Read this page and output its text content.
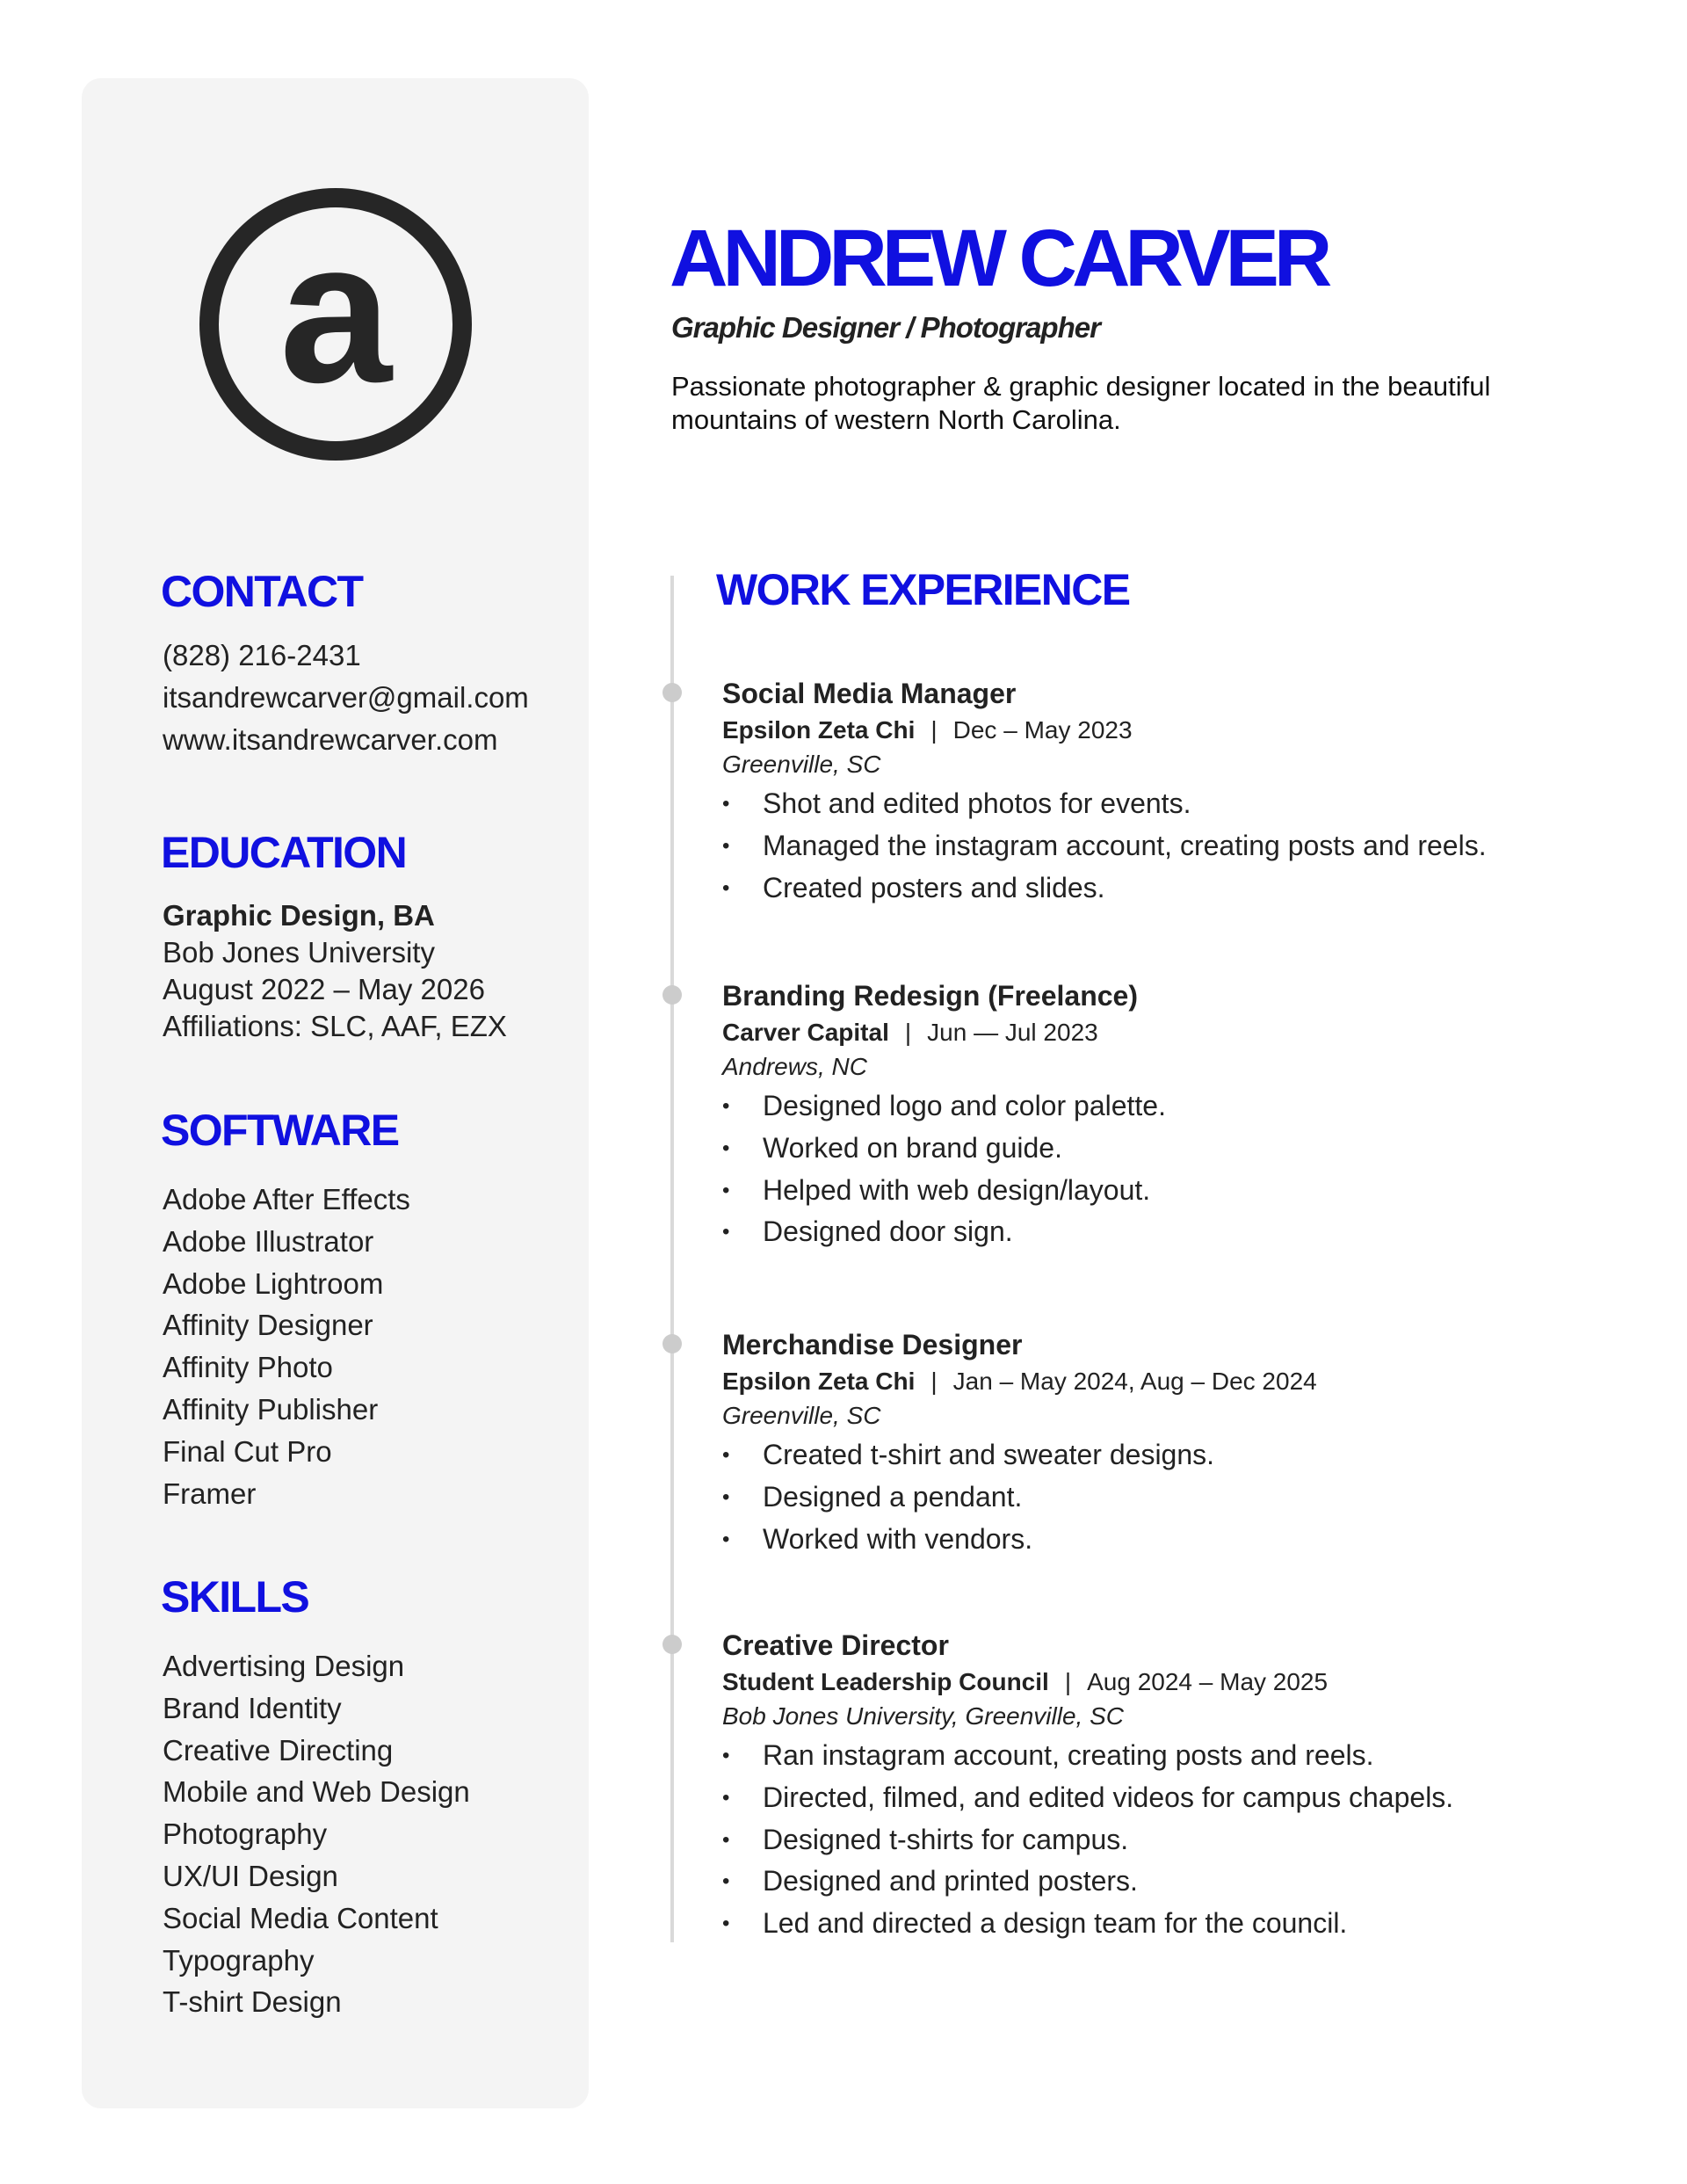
a
CONTACT
(828) 216-2431
itsandrewcarver@gmail.com
www.itsandrewcarver.com
EDUCATION
Graphic Design, BA
Bob Jones University
August 2022 – May 2026
Affiliations: SLC, AAF, EZX
SOFTWARE
Adobe After Effects
Adobe Illustrator
Adobe Lightroom
Affinity Designer
Affinity Photo
Affinity Publisher
Final Cut Pro
Framer
SKILLS
Advertising Design
Brand Identity
Creative Directing
Mobile and Web Design
Photography
UX/UI Design
Social Media Content
Typography
T-shirt Design
ANDREW CARVER
Graphic Designer / Photographer
Passionate photographer & graphic designer located in the beautiful mountains of western North Carolina.
WORK EXPERIENCE
Social Media Manager
Epsilon Zeta Chi | Dec – May 2023
Greenville, SC
• Shot and edited photos for events.
• Managed the instagram account, creating posts and reels.
• Created posters and slides.
Branding Redesign (Freelance)
Carver Capital | Jun — Jul 2023
Andrews, NC
• Designed logo and color palette.
• Worked on brand guide.
• Helped with web design/layout.
• Designed door sign.
Merchandise Designer
Epsilon Zeta Chi | Jan – May 2024, Aug – Dec 2024
Greenville, SC
• Created t-shirt and sweater designs.
• Designed a pendant.
• Worked with vendors.
Creative Director
Student Leadership Council | Aug 2024 – May 2025
Bob Jones University, Greenville, SC
• Ran instagram account, creating posts and reels.
• Directed, filmed, and edited videos for campus chapels.
• Designed t-shirts for campus.
• Designed and printed posters.
• Led and directed a design team for the council.
